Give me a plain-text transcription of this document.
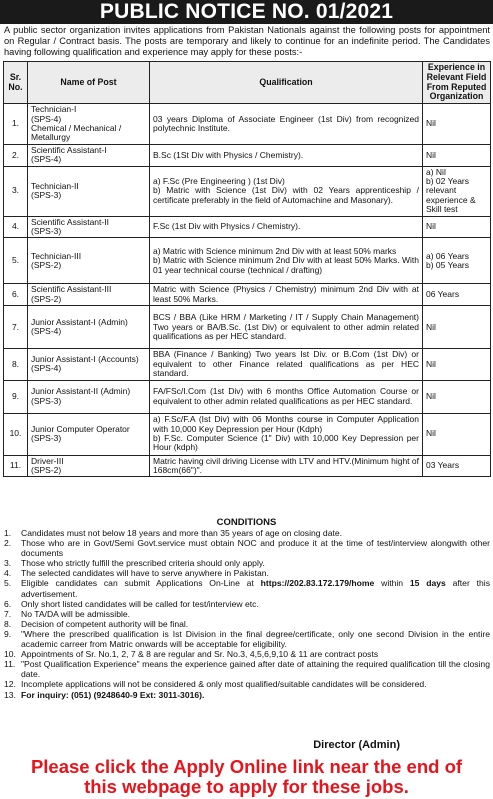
PUBLIC NOTICE NO. 01/2021
A public sector organization invites applications from Pakistan Nationals against the following posts for appointment on Regular / Contract basis. The posts are temporary and likely to continue for an indefinite period. The Candidates having following qualification and experience may apply for these posts:-
Sr. No.	Name of Post	Qualification	Experience in Relevant Field From Reputed Organization
1.	Technician-I
(SPS-4)
Chemical / Mechanical / Metallurgy	03 years Diploma of Associate Engineer (1st Div) from recognized polytechnic Institute.	Nil

2.	Scientific Assistant-I
(SPS-4)	B.Sc (1St Div with Physics / Chemistry).	Nil

3.	Technician-II
(SPS-3)	a) F.Sc (Pre Engineering ) (1st Div)
b) Matric with Science (1st Div) with 02 Years apprenticeship / certificate preferably in the field of Automachine and Masonary).	a) Nil
b) 02 Years relevant experience & Skill test

4.	Scientific Assistant-II
(SPS-3)	F.Sc (1st Div with Physics / Chemistry).	Nil

5.	Technician-III
(SPS-2)	a) Matric with Science minimum 2nd Div with at least 50% marks
b) Matric with Science minimum 2nd Div with at least 50% Marks. With 01 year technical course (technical / drafting)	a) 06 Years
b) 05 Years

6.	Scientific Assistant-III
(SPS-2)	Matric with Science (Physics / Chemistry) minimum 2nd Div with at least 50% Marks.	06 Years

7.	Junior Assistant-I (Admin)
(SPS-4)	BCS / BBA (Like HRM / Marketing / IT / Supply Chain Management) Two years or BA/B.Sc. (1st Div) or equivalent to other admin related qualifications as per HEC standard.	Nil

8.	Junior Assistant-I (Accounts)
(SPS-4)	BBA (Finance / Banking) Two years Ist Div. or B.Com (1st Div) or equivalent to other Finance related qualifications as per HEC standard.	Nil

9.	Junior Assistant-II (Admin)
(SPS-3)	FA/FSc/I.Com (1st Div) with 6 months Office Automation Course or equivalent to other admin related qualifications as per HEC standard.	Nil

10.	Junior Computer Operator
(SPS-3)	a) F.Sc/F.A (Ist Div) with 06 Months course in Computer Application with 10,000 Key Depression per Hour (Kdph)
b) F.Sc. Computer Science (1" Div) with 10,000 Key Depression per Hour (kdph)	Nil

11.	Driver-III
(SPS-2)	Matric having civil driving License with LTV and HTV.(Minimum hight of 168cm(66")".	03 Years
CONDITIONS
1.	Candidates must not below 18 years and more than 35 years of age on closing date.
2.	Those who are in Govt/Semi Govt.service must obtain NOC and produce it at the time of test/interview alongwith other documents
3.	Those who strictly fulfill the prescribed criteria should only apply.
4.	The selected candidates will have to serve anywhere in Pakistan.
5.	Eligible candidates can submit Applications On-Line at https://202.83.172.179/home within 15 days after this advertisement.
6.	Only short listed candidates will be called for test/interview etc.
7.	No TA/DA will be admissible.
8.	Decision of competent authority will be final.
9.	"Where the prescribed qualification is Ist Division in the final degree/certificate, only one second Division in the entire academic carreer from Matric onwards will be acceptable for eligibility.
10. Appointments of Sr. No.1, 2, 7 & 8 are regular and Sr. No.3, 4,5,6,9,10 & 11 are contract posts
11. "Post Qualification Experience" means the experience gained after date of attaining the required qualification till the closing date.
12. Incomplete applications will not be considered & only most qualified/suitable candidates will be considered.
13. For inquiry: (051) (9248640-9 Ext: 3011-3016).
Director (Admin)
Please click the Apply Online link near the end of
this webpage to apply for these jobs.
